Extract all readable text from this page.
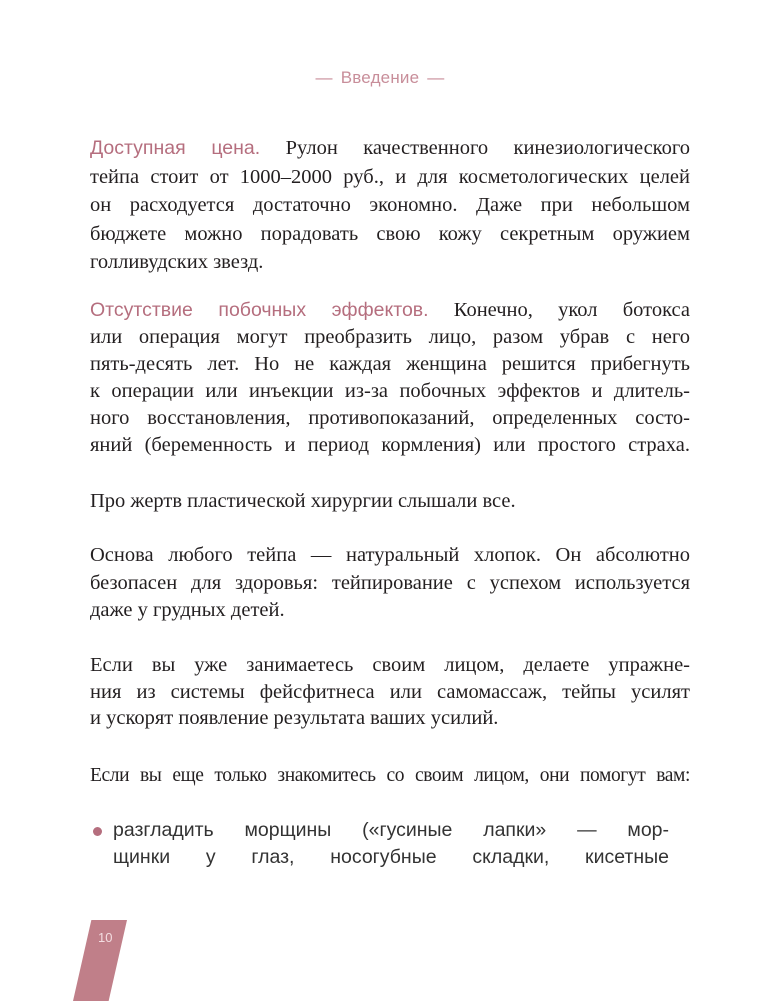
— Введение —
Доступная цена. Рулон качественного кинезиологического
тейпа стоит от 1000–2000 руб., и для косметологических целей
он расходуется достаточно экономно. Даже при небольшом
бюджете можно порадовать свою кожу секретным оружием
голливудских звезд.
Отсутствие побочных эффектов. Конечно, укол ботокса
или операция могут преобразить лицо, разом убрав с него
пять-десять лет. Но не каждая женщина решится прибегнуть
к операции или инъекции из-за побочных эффектов и длитель-
ного восстановления, противопоказаний, определенных состо-
яний (беременность и период кормления) или простого страха.
Про жертв пластической хирургии слышали все.
Основа любого тейпа — натуральный хлопок. Он абсолютно
безопасен для здоровья: тейпирование с успехом используется
даже у грудных детей.
Если вы уже занимаетесь своим лицом, делаете упражне-
ния из системы фейсфитнеса или самомассаж, тейпы усилят
и ускорят появление результата ваших усилий.
Если вы еще только знакомитесь со своим лицом, они помогут вам:
разгладить морщины («гусиные лапки» — мор-
щинки у глаз, носогубные складки, кисетные
10
